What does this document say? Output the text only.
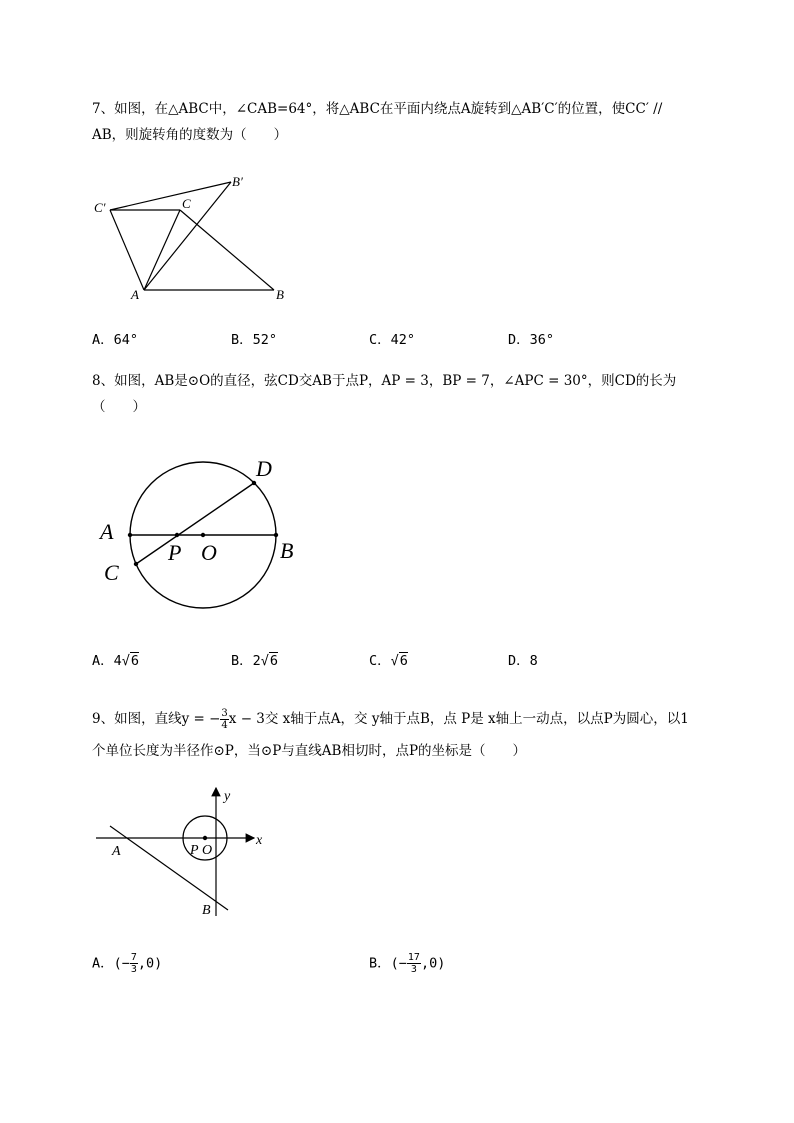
7、如图，在△ABC中，∠CAB=64°，将△ABC在平面内绕点A旋转到△AB′C′的位置，使CC′ //
AB，则旋转角的度数为（　　）
C′	C
B′
A	B
A．64°	B．52°	C．42°	D．36°
8、如图，AB是⊙O的直径，弦CD交AB于点P，AP = 3，BP = 7，∠APC = 30°，则CD的长为
（　　）
A
C
P O	B
D
A．4√6	B．2√6	C．√6	D．8
9、如图，直线y = − $\frac{3}{4}$ x − 3交 x轴于点A，交 y轴于点B，点 P是 x轴上一动点，以点P为圆心，以1
个单位长度为半径作⊙P，当⊙P与直线AB相切时，点P的坐标是（　　）
y
x
A	P O
B
A．(− $\frac{7}{3} ,0$)	B．(− $\frac{17}{3} ,0$)
